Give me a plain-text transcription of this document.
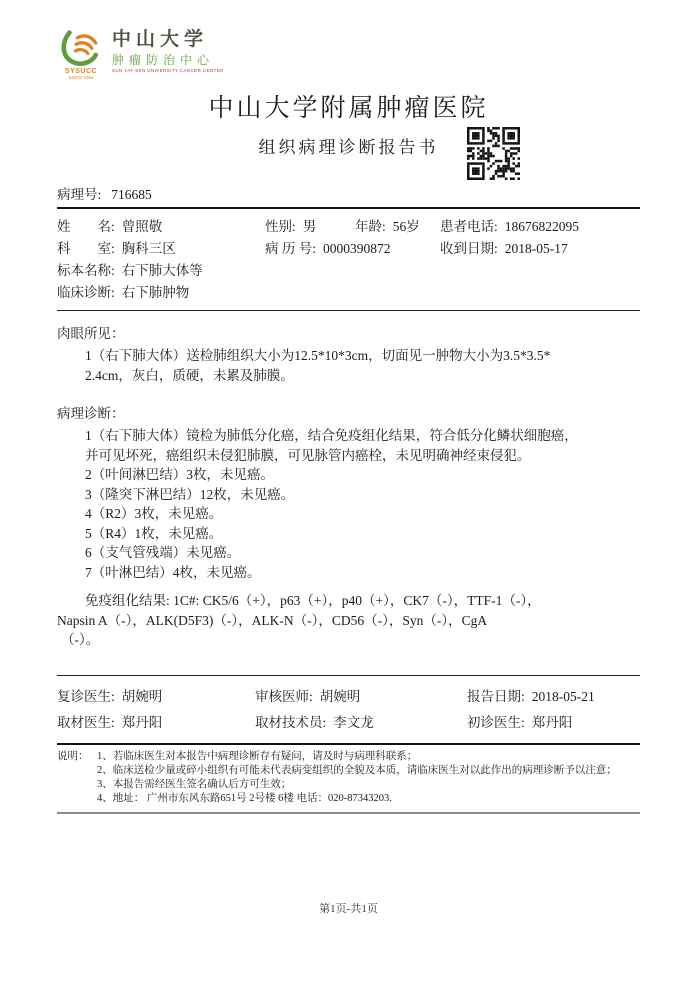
SYSUCC
SINCE 1964
中山大学
肿瘤防治中心
SUN YAT-SEN UNIVERSITY CANCER CENTER
中山大学附属肿瘤医院
组织病理诊断报告书
病理号: 716685
姓　　名: 曾照敬	性别: 男	年龄: 56岁 患者电话: 18676822095
科　　室: 胸科三区	病 历 号: 0000390872	收到日期: 2018-05-17
标本名称: 右下肺大体等
临床诊断: 右下肺肿物
肉眼所见：
1（右下肺大体）送检肺组织大小为12.5*10*3cm，切面见一肿物大小为3.5*3.5*
2.4cm，灰白，质硬，未累及肺膜。
病理诊断：
1（右下肺大体）镜检为肺低分化癌，结合免疫组化结果，符合低分化鳞状细胞癌，
并可见坏死，癌组织未侵犯肺膜，可见脉管内癌栓，未见明确神经束侵犯。
2（叶间淋巴结）3枚，未见癌。
3（隆突下淋巴结）12枚，未见癌。
4（R2）3枚，未见癌。
5（R4）1枚，未见癌。
6（支气管残端）未见癌。
7（叶淋巴结）4枚，未见癌。
免疫组化结果: 1C#: CK5/6（+），p63（+），p40（+），CK7（-），TTF-1（-），
Napsin A（-），ALK(D5F3)（-），ALK-N（-），CD56（-），Syn（-），CgA
（-）。
复诊医生: 胡婉明	审核医师: 胡婉明	报告日期: 2018-05-21
取材医生: 郑丹阳	取材技术员: 李文龙	初诊医生: 郑丹阳
说明： 1、若临床医生对本报告中病理诊断存有疑问，请及时与病理科联系；
2、临床送检少量或碎小组织有可能未代表病变组织的全貌及本质，请临床医生对以此作出的病理诊断予以注意；
3、本报告需经医生签名确认后方可生效；
4、地址： 广州市东风东路651号 2号楼 6楼 电话：020-87343203.
第1页-共1页
